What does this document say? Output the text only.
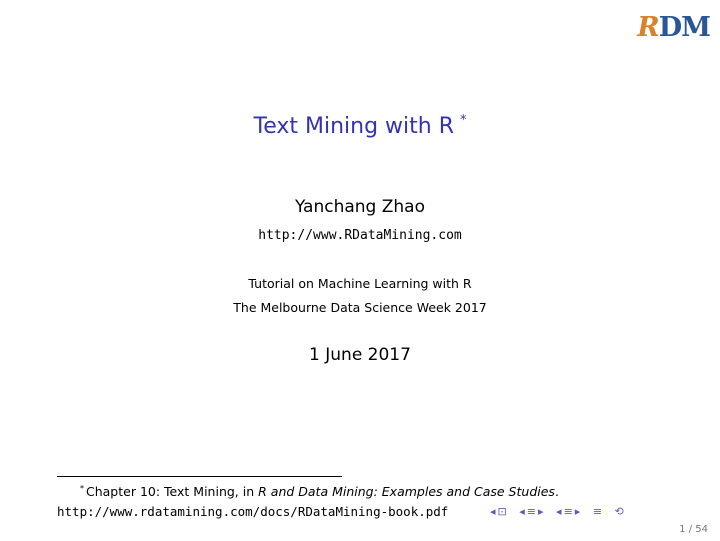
RDM
Text Mining with R *
Yanchang Zhao
http://www.RDataMining.com
Tutorial on Machine Learning with R
The Melbourne Data Science Week 2017
1 June 2017
* Chapter 10: Text Mining, in R and Data Mining: Examples and Case Studies.
http://www.rdatamining.com/docs/RDataMining-book.pdf	◂ ⊡ ◂ ≡ ▸ ◂ ≡ ▸ ≡ ⟲
1 / 54
